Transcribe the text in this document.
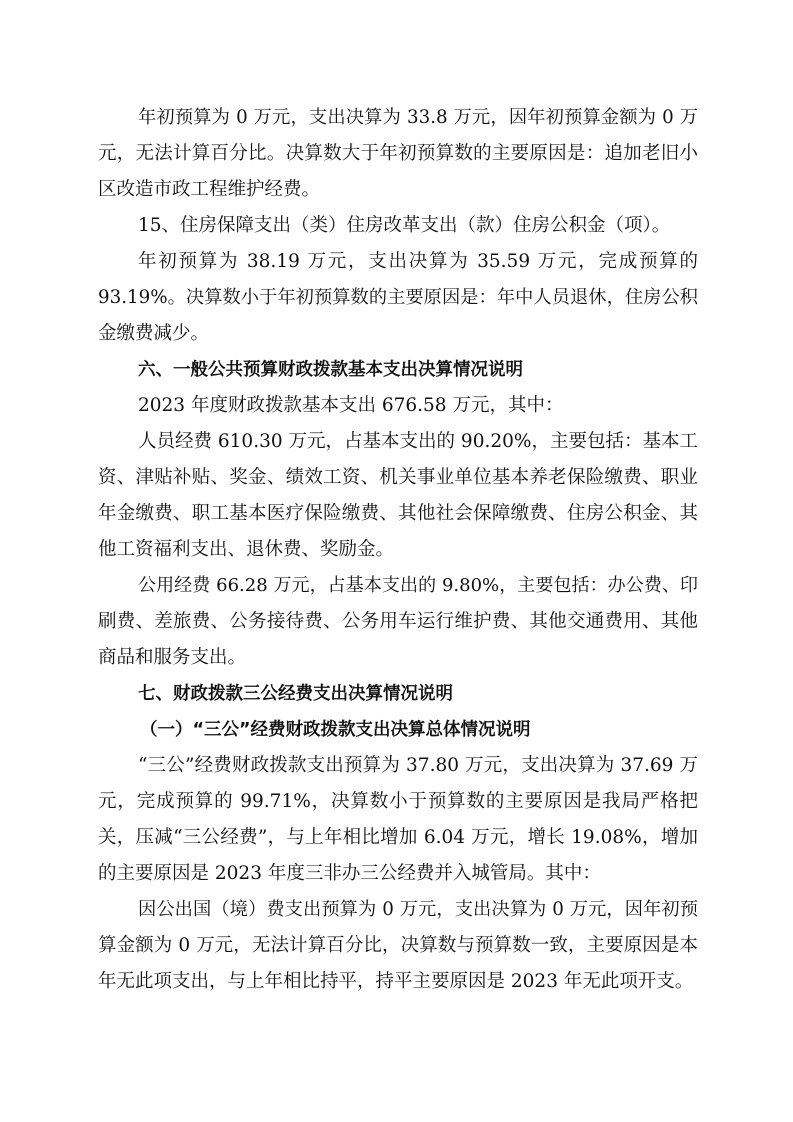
年初预算为 0 万元，支出决算为 33.8 万元，因年初预算金额为 0 万
元，无法计算百分比。决算数大于年初预算数的主要原因是：追加老旧小
区改造市政工程维护经费。
15、住房保障支出（类）住房改革支出（款）住房公积金（项）。
年初预算为 38.19 万元，支出决算为 35.59 万元，完成预算的
93.19%。决算数小于年初预算数的主要原因是：年中人员退休，住房公积
金缴费减少。
六、一般公共预算财政拨款基本支出决算情况说明
2023 年度财政拨款基本支出 676.58 万元，其中：
人员经费 610.30 万元，占基本支出的 90.20%，主要包括：基本工
资、津贴补贴、奖金、绩效工资、机关事业单位基本养老保险缴费、职业
年金缴费、职工基本医疗保险缴费、其他社会保障缴费、住房公积金、其
他工资福利支出、退休费、奖励金。
公用经费 66.28 万元，占基本支出的 9.80%，主要包括：办公费、印
刷费、差旅费、公务接待费、公务用车运行维护费、其他交通费用、其他
商品和服务支出。
七、财政拨款三公经费支出决算情况说明
（一）“三公”经费财政拨款支出决算总体情况说明
“三公”经费财政拨款支出预算为 37.80 万元，支出决算为 37.69 万
元，完成预算的 99.71%，决算数小于预算数的主要原因是我局严格把
关，压减“三公经费”，与上年相比增加 6.04 万元，增长 19.08%，增加
的主要原因是 2023 年度三非办三公经费并入城管局。其中：
因公出国（境）费支出预算为 0 万元，支出决算为 0 万元，因年初预
算金额为 0 万元，无法计算百分比，决算数与预算数一致，主要原因是本
年无此项支出，与上年相比持平，持平主要原因是 2023 年无此项开支。
